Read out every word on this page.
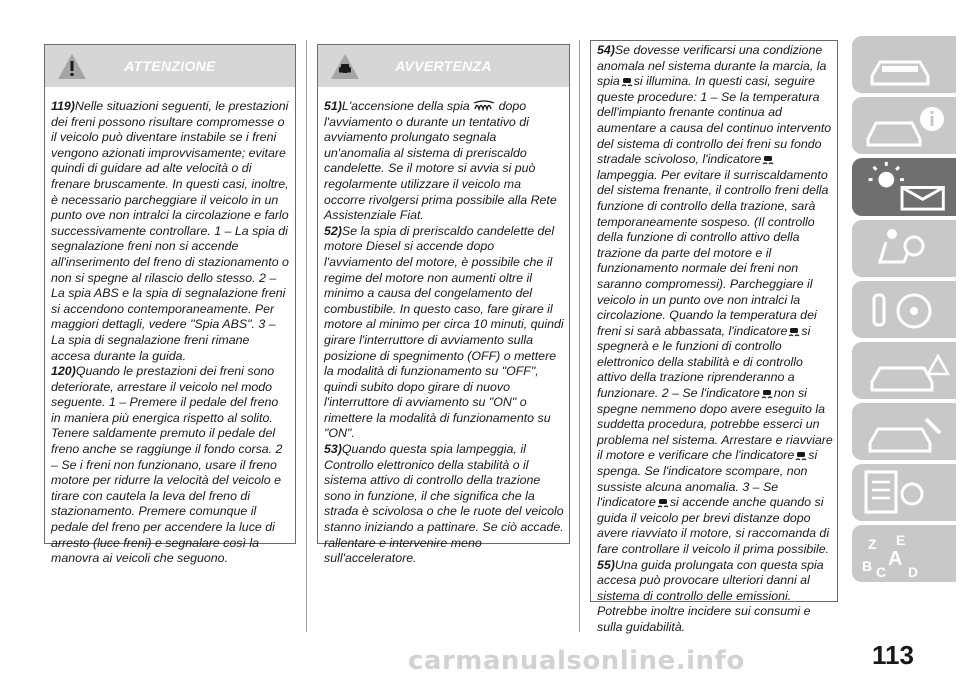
ATTENZIONE

119)Nelle situazioni seguenti, le prestazioni dei freni possono risultare compromesse o il veicolo può diventare instabile se i freni vengono azionati improvvisamente; evitare quindi di guidare ad alte velocità o di frenare bruscamente. In questi casi, inoltre, è necessario parcheggiare il veicolo in un punto ove non intralci la circolazione e farlo successivamente controllare. 1 – La spia di segnalazione freni non si accende all'inserimento del freno di stazionamento o non si spegne al rilascio dello stesso. 2 – La spia ABS e la spia di segnalazione freni si accendono contemporaneamente. Per maggiori dettagli, vedere "Spia ABS". 3 – La spia di segnalazione freni rimane accesa durante la guida.

120)Quando le prestazioni dei freni sono deteriorate, arrestare il veicolo nel modo seguente. 1 – Premere il pedale del freno in maniera più energica rispetto al solito. Tenere saldamente premuto il pedale del freno anche se raggiunge il fondo corsa. 2 – Se i freni non funzionano, usare il freno motore per ridurre la velocità del veicolo e tirare con cautela la leva del freno di stazionamento. Premere comunque il pedale del freno per accendere la luce di arresto (luce freni) e segnalare così la manovra ai veicoli che seguono.

AVVERTENZA

51)L'accensione della spia dopo l'avviamento o durante un tentativo di avviamento prolungato segnala un'anomalia al sistema di preriscaldo candelette. Se il motore si avvia si può regolarmente utilizzare il veicolo ma occorre rivolgersi prima possibile alla Rete Assistenziale Fiat.

52)Se la spia di preriscaldo candelette del motore Diesel si accende dopo l'avviamento del motore, è possibile che il regime del motore non aumenti oltre il minimo a causa del congelamento del combustibile. In questo caso, fare girare il motore al minimo per circa 10 minuti, quindi girare l'interruttore di avviamento sulla posizione di spegnimento (OFF) o mettere la modalità di funzionamento su "OFF", quindi subito dopo girare di nuovo l'interruttore di avviamento su "ON" o rimettere la modalità di funzionamento su "ON".

53)Quando questa spia lampeggia, il Controllo elettronico della stabilità o il sistema attivo di controllo della trazione sono in funzione, il che significa che la strada è scivolosa o che le ruote del veicolo stanno iniziando a pattinare. Se ciò accade. rallentare e intervenire meno sull'acceleratore.

54)Se dovesse verificarsi una condizione anomala nel sistema durante la marcia, la spia si illumina. In questi casi, seguire queste procedure: 1 – Se la temperatura dell'impianto frenante continua ad aumentare a causa del continuo intervento del sistema di controllo dei freni su fondo stradale scivoloso, l'indicatorelampeggia. Per evitare il surriscaldamento del sistema frenante, il controllo freni della funzione di controllo della trazione, sarà temporaneamente sospeso. (Il controllo della funzione di controllo attivo della trazione da parte del motore e il funzionamento normale dei freni non saranno compromessi). Parcheggiare il veicolo in un punto ove non intralci la circolazione. Quando la temperatura dei freni si sarà abbassata, l'indicatore si spegnerà e le funzioni di controllo elettronico della stabilità e di controllo attivo della trazione riprenderanno a funzionare. 2 – Se l'indicatore non si spegne nemmeno dopo avere eseguito la suddetta procedura, potrebbe esserci un problema nel sistema. Arrestare e riavviare il motore e verificare che l'indicatore si spenga. Se l'indicatore scompare, non sussiste alcuna anomalia. 3 – Se l'indicatore si accende anche quando si guida il veicolo per brevi distanze dopo avere riavviato il motore, si raccomanda di fare controllare il veicolo il prima possibile.

55)Una guida prolungata con questa spia accesa può provocare ulteriori danni al sistema di controllo delle emissioni. Potrebbe inoltre incidere sui consumi e sulla guidabilità.

Z E
A
B C D
113
carmanualsonline.info
